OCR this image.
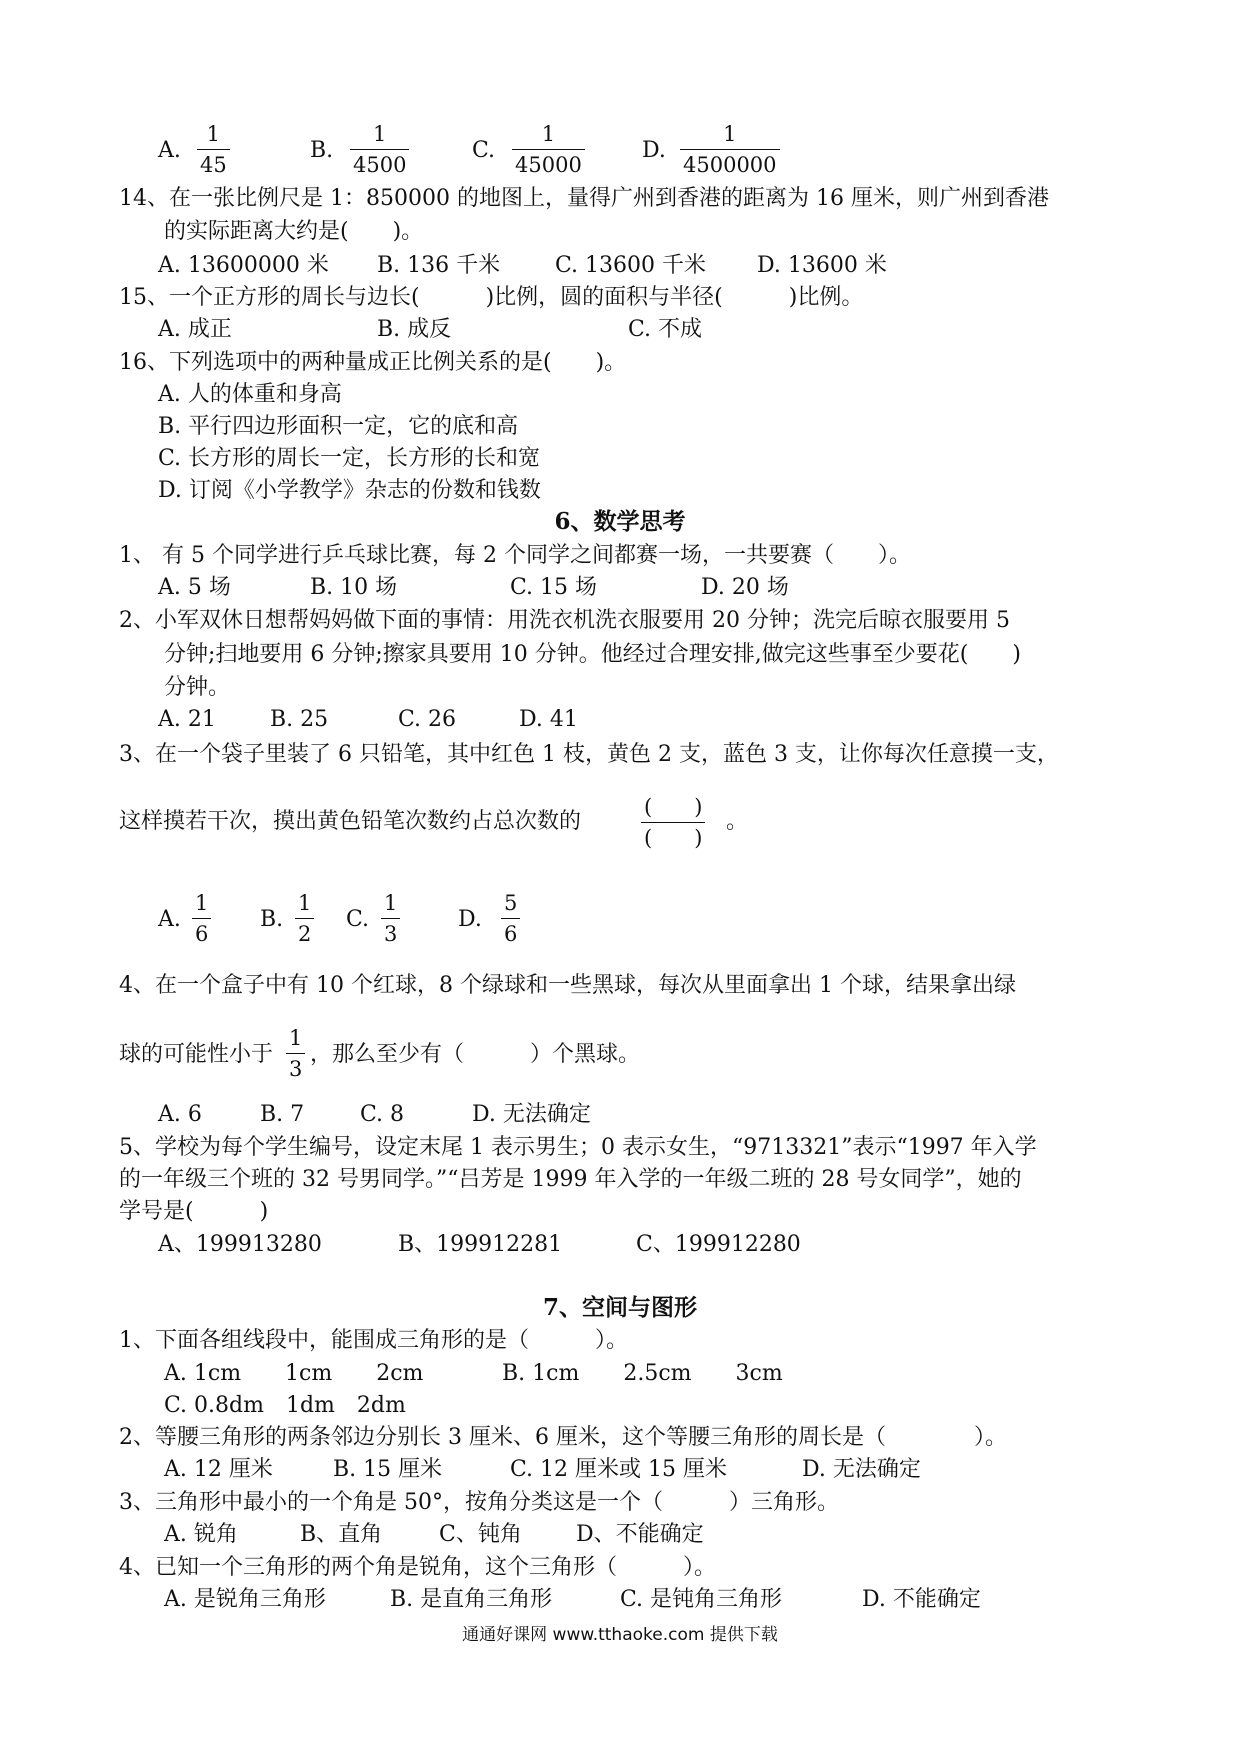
A. $\frac{1}{45}$	B. $\frac{1}{4500}$	C. $\frac{1}{45000}$	D. $\frac{1}{4500000}$
14、在一张比例尺是 1：850000 的地图上，量得广州到香港的距离为 16 厘米，则广州到香港
的实际距离大约是(　　)。
A. 13600000 米 B. 136 千米 C. 13600 千米 D. 13600 米
15、一个正方形的周长与边长(　　　)比例，圆的面积与半径(　　　)比例。
A. 成正	B. 成反	C. 不成
16、下列选项中的两种量成正比例关系的是(　　)。
A. 人的体重和身高
B. 平行四边形面积一定，它的底和高
C. 长方形的周长一定，长方形的长和宽
D. 订阅《小学教学》杂志的份数和钱数
6、数学思考
1、 有 5 个同学进行乒乓球比赛，每 2 个同学之间都赛一场，一共要赛（　　）。
A. 5 场	B. 10 场	C. 15 场	D. 20 场
2、小军双休日想帮妈妈做下面的事情：用洗衣机洗衣服要用 20 分钟；洗完后晾衣服要用 5
分钟;扫地要用 6 分钟;擦家具要用 10 分钟。他经过合理安排,做完这些事至少要花(　　)
分钟。
A. 21 B. 25	C. 26	D. 41
3、在一个袋子里装了 6 只铅笔，其中红色 1 枝，黄色 2 支，蓝色 3 支，让你每次任意摸一支，
这样摸若干次，摸出黄色铅笔次数约占总次数的
(　　)
(　　)
。
A. $\frac{1}{6} B$. $\frac{1}{2} C$. $\frac{1}{3}$	D. $\frac{5}{6}$
4、在一个盒子中有 10 个红球，8 个绿球和一些黑球，每次从里面拿出 1 个球，结果拿出绿
球的可能性小于 $\frac{1}{3}$ ，那么至少有（　　　）个黑球。
A. 6	B. 7	C. 8	D. 无法确定
5、学校为每个学生编号，设定末尾 1 表示男生；0 表示女生，“9713321”表示“1997 年入学
的一年级三个班的 32 号男同学。”“吕芳是 1999 年入学的一年级二班的 28 号女同学”，她的
学号是(　　　)
A、199913280	B、199912281	C、199912280
7、空间与图形
1、下面各组线段中，能围成三角形的是（　　　）。
A. 1cm　　1cm　　2cm	B. 1cm　　2.5cm　　3cm
C. 0.8dm　1dm　2dm
2、等腰三角形的两条邻边分别长 3 厘米、6 厘米，这个等腰三角形的周长是（　　　　）。
A. 12 厘米	B. 15 厘米	C. 12 厘米或 15 厘米	D. 无法确定
3、三角形中最小的一个角是 50°，按角分类这是一个（　　　）三角形。
A. 锐角	B、直角	C、钝角 D、不能确定
4、已知一个三角形的两个角是锐角，这个三角形（　　　）。
A. 是锐角三角形	B. 是直角三角形	C. 是钝角三角形	D. 不能确定
通通好课网 www.tthaoke.com 提供下载
